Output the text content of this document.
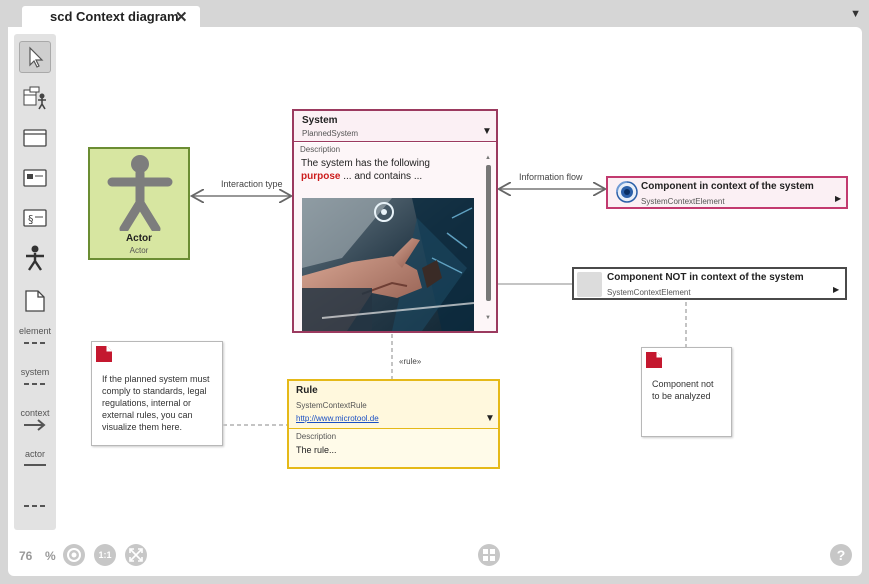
scd Context diagram
✕	▼
Interaction type
Information flow
«rule»
§
element
system
context
actor
Actor
Actor
System
PlannedSystem	▼
Description
The system has the following
purpose ... and contains ...
▲
▼
Component in context of the system
SystemContextElement	▶
Component NOT in context of the system
SystemContextElement	▶
If the planned system must
comply to standards, legal
regulations, internal or
external rules, you can
visualize them here.
Component not
to be analyzed
Rule
SystemContextRule
http://www.microtool.de	▼
Description
The rule...
76 %	1:1	?
